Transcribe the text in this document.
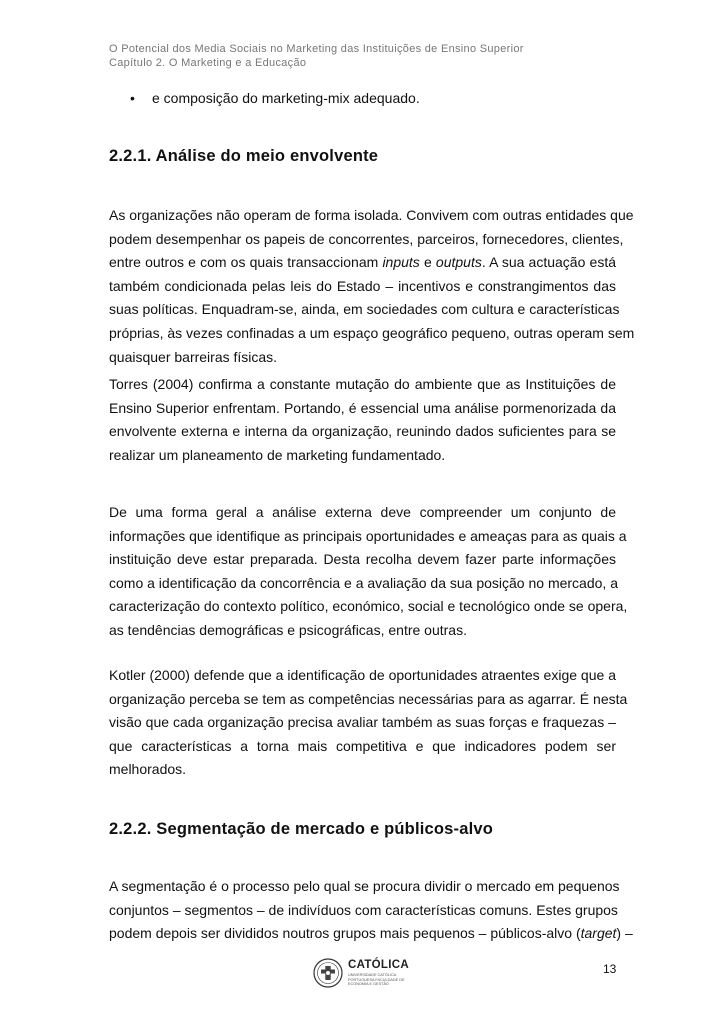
O Potencial dos Media Sociais no Marketing das Instituições de Ensino Superior
Capítulo 2. O Marketing e a Educação
• e composição do marketing-mix adequado.
2.2.1. Análise do meio envolvente
As organizações não operam de forma isolada. Convivem com outras entidades que
podem desempenhar os papeis de concorrentes, parceiros, fornecedores, clientes,
entre outros e com os quais transaccionam inputs e outputs. A sua actuação está
também condicionada pelas leis do Estado – incentivos e constrangimentos das
suas políticas. Enquadram-se, ainda, em sociedades com cultura e características
próprias, às vezes confinadas a um espaço geográfico pequeno, outras operam sem
quaisquer barreiras físicas.
Torres (2004) confirma a constante mutação do ambiente que as Instituições de
Ensino Superior enfrentam. Portando, é essencial uma análise pormenorizada da
envolvente externa e interna da organização, reunindo dados suficientes para se
realizar um planeamento de marketing fundamentado.
De uma forma geral a análise externa deve compreender um conjunto de
informações que identifique as principais oportunidades e ameaças para as quais a
instituição deve estar preparada. Desta recolha devem fazer parte informações
como a identificação da concorrência e a avaliação da sua posição no mercado, a
caracterização do contexto político, económico, social e tecnológico onde se opera,
as tendências demográficas e psicográficas, entre outras.
Kotler (2000) defende que a identificação de oportunidades atraentes exige que a
organização perceba se tem as competências necessárias para as agarrar. É nesta
visão que cada organização precisa avaliar também as suas forças e fraquezas –
que características a torna mais competitiva e que indicadores podem ser
melhorados.
2.2.2. Segmentação de mercado e públicos-alvo
A segmentação é o processo pelo qual se procura dividir o mercado em pequenos
conjuntos – segmentos – de indivíduos com características comuns. Estes grupos
podem depois ser divididos noutros grupos mais pequenos – públicos-alvo (target) –
CATÓLICA
UNIVERSIDADE CATÓLICA PORTUGUESA FACULDADE DE ECONOMIA E GESTÃO
13
